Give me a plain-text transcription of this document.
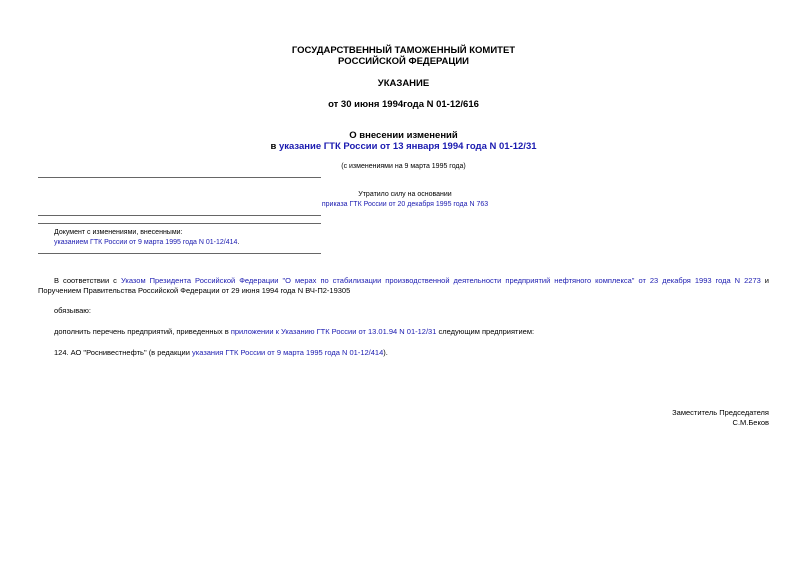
ГОСУДАРСТВЕННЫЙ ТАМОЖЕННЫЙ КОМИТЕТ
РОССИЙСКОЙ ФЕДЕРАЦИИ
УКАЗАНИЕ
от 30 июня 1994года N 01-12/616
О внесении изменений
в указание ГТК России от 13 января 1994 года N 01-12/31
(с изменениями на 9 марта 1995 года)
Утратило силу на основании
приказа ГТК России от 20 декабря 1995 года N 763
Документ с изменениями, внесенными:
указанием ГТК России от 9 марта 1995 года N 01-12/414.
В соответствии с Указом Президента Российской Федерации "О мерах по стабилизации производственной деятельности предприятий нефтяного комплекса" от 23 декабря 1993 года N 2273 и Поручением Правительства Российской Федерации от 29 июня 1994 года N ВЧ-П2-19305
обязываю:
дополнить перечень предприятий, приведенных в приложении к Указанию ГТК России от 13.01.94 N 01-12/31 следующим предприятием:
124. АО "Роснивестнефть" (в редакции указания ГТК России от 9 марта 1995 года N 01-12/414).
Заместитель Председателя
С.М.Беков
